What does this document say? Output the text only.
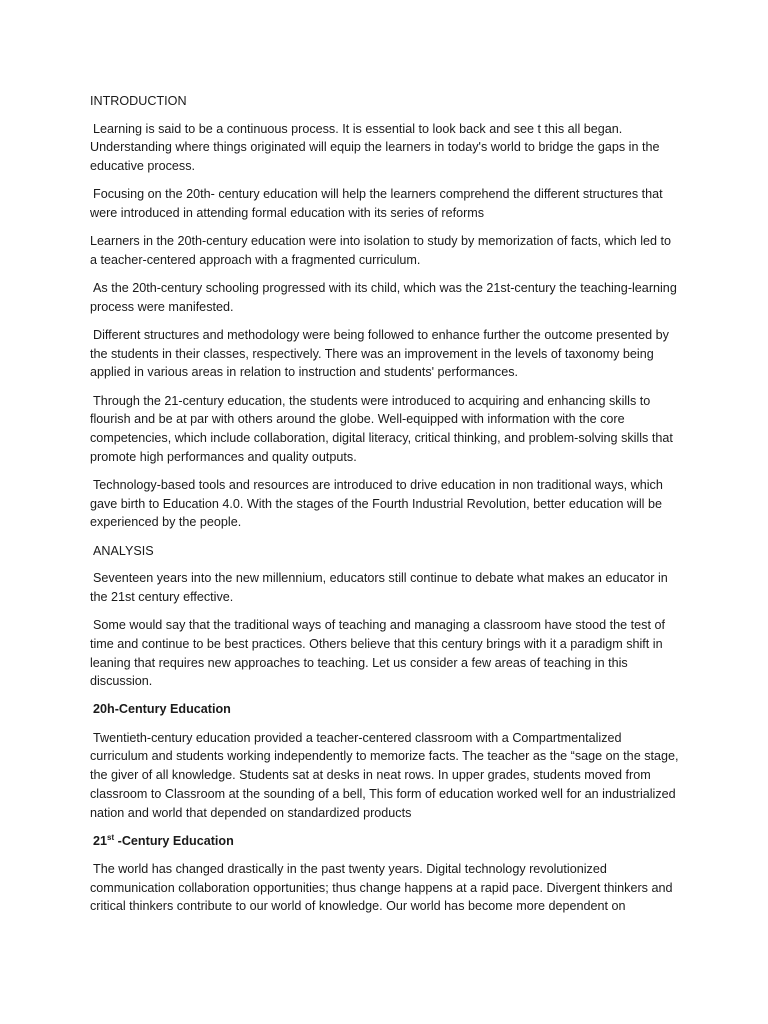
INTRODUCTION

Learning is said to be a continuous process. It is essential to look back and see t this all began. Understanding where things originated will equip the learners in today's world to bridge the gaps in the educative process.

Focusing on the 20th- century education will help the learners comprehend the different structures that were introduced in attending formal education with its series of reforms

Learners in the 20th-century education were into isolation to study by memorization of facts, which led to a teacher-centered approach with a fragmented curriculum.

As the 20th-century schooling progressed with its child, which was the 21st-century the teaching-learning process were manifested.

Different structures and methodology were being followed to enhance further the outcome presented by the students in their classes, respectively. There was an improvement in the levels of taxonomy being applied in various areas in relation to instruction and students' performances.

Through the 21-century education, the students were introduced to acquiring and enhancing skills to flourish and be at par with others around the globe. Well-equipped with information with the core competencies, which include collaboration, digital literacy, critical thinking, and problem-solving skills that promote high performances and quality outputs.

Technology-based tools and resources are introduced to drive education in non traditional ways, which gave birth to Education 4.0. With the stages of the Fourth Industrial Revolution, better education will be experienced by the people.

ANALYSIS

Seventeen years into the new millennium, educators still continue to debate what makes an educator in the 21st century effective.

Some would say that the traditional ways of teaching and managing a classroom have stood the test of time and continue to be best practices. Others believe that this century brings with it a paradigm shift in leaning that requires new approaches to teaching. Let us consider a few areas of teaching in this discussion.

20h-Century Education

Twentieth-century education provided a teacher-centered classroom with a Compartmentalized curriculum and students working independently to memorize facts. The teacher as the “sage on the stage, the giver of all knowledge. Students sat at desks in neat rows. In upper grades, students moved from classroom to Classroom at the sounding of a bell, This form of education worked well for an industrialized nation and world that depended on standardized products

21st -Century Education

The world has changed drastically in the past twenty years. Digital technology revolutionized communication collaboration opportunities; thus change happens at a rapid pace. Divergent thinkers and critical thinkers contribute to our world of knowledge. Our world has become more dependent on
